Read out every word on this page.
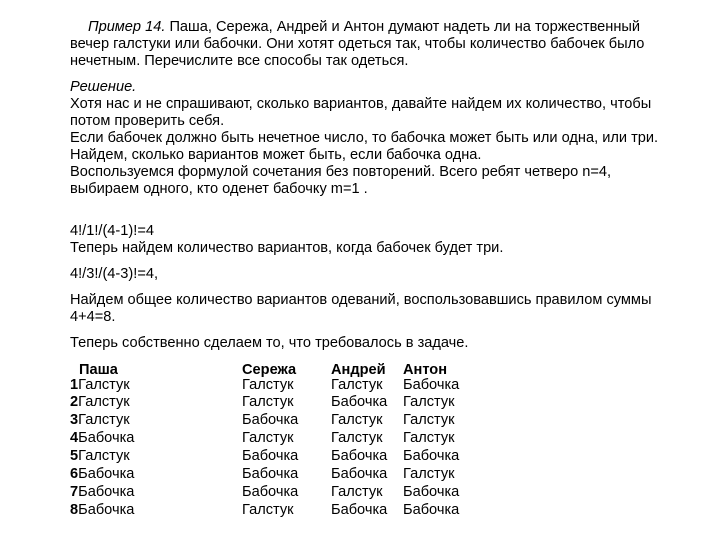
Пример 14. Паша, Сережа, Андрей и Антон думают надеть ли на торжественный
вечер галстуки или бабочки. Они хотят одеться так, чтобы количество бабочек было
нечетным. Перечислите все способы так одеться.
Решение.
Хотя нас и не спрашивают, сколько вариантов, давайте найдем их количество, чтобы
потом проверить себя.
Если бабочек должно быть нечетное число, то бабочка может быть или одна, или три.
Найдем, сколько вариантов может быть, если бабочка одна.
Воспользуемся формулой сочетания без повторений. Всего ребят четверо n=4,
выбираем одного, кто оденет бабочку m=1 .
4!/1!/(4-1)!=4
Теперь найдем количество вариантов, когда бабочек будет три.
4!/3!/(4-3)!=4,
Найдем общее количество вариантов одеваний, воспользовавшись правилом суммы
4+4=8.
Теперь собственно сделаем то, что требовалось в задаче.
Паша	Сережа Андрей Антон
1Галстук	Галстук	Галстук Бабочка
2Галстук	Галстук	Бабочка Галстук
3Галстук	Бабочка Галстук Галстук
4Бабочка	Галстук	Галстук Галстук
5Галстук	Бабочка Бабочка Бабочка
6Бабочка	Бабочка Бабочка Галстук
7Бабочка	Бабочка Галстук Бабочка
8Бабочка	Галстук	Бабочка Бабочка
